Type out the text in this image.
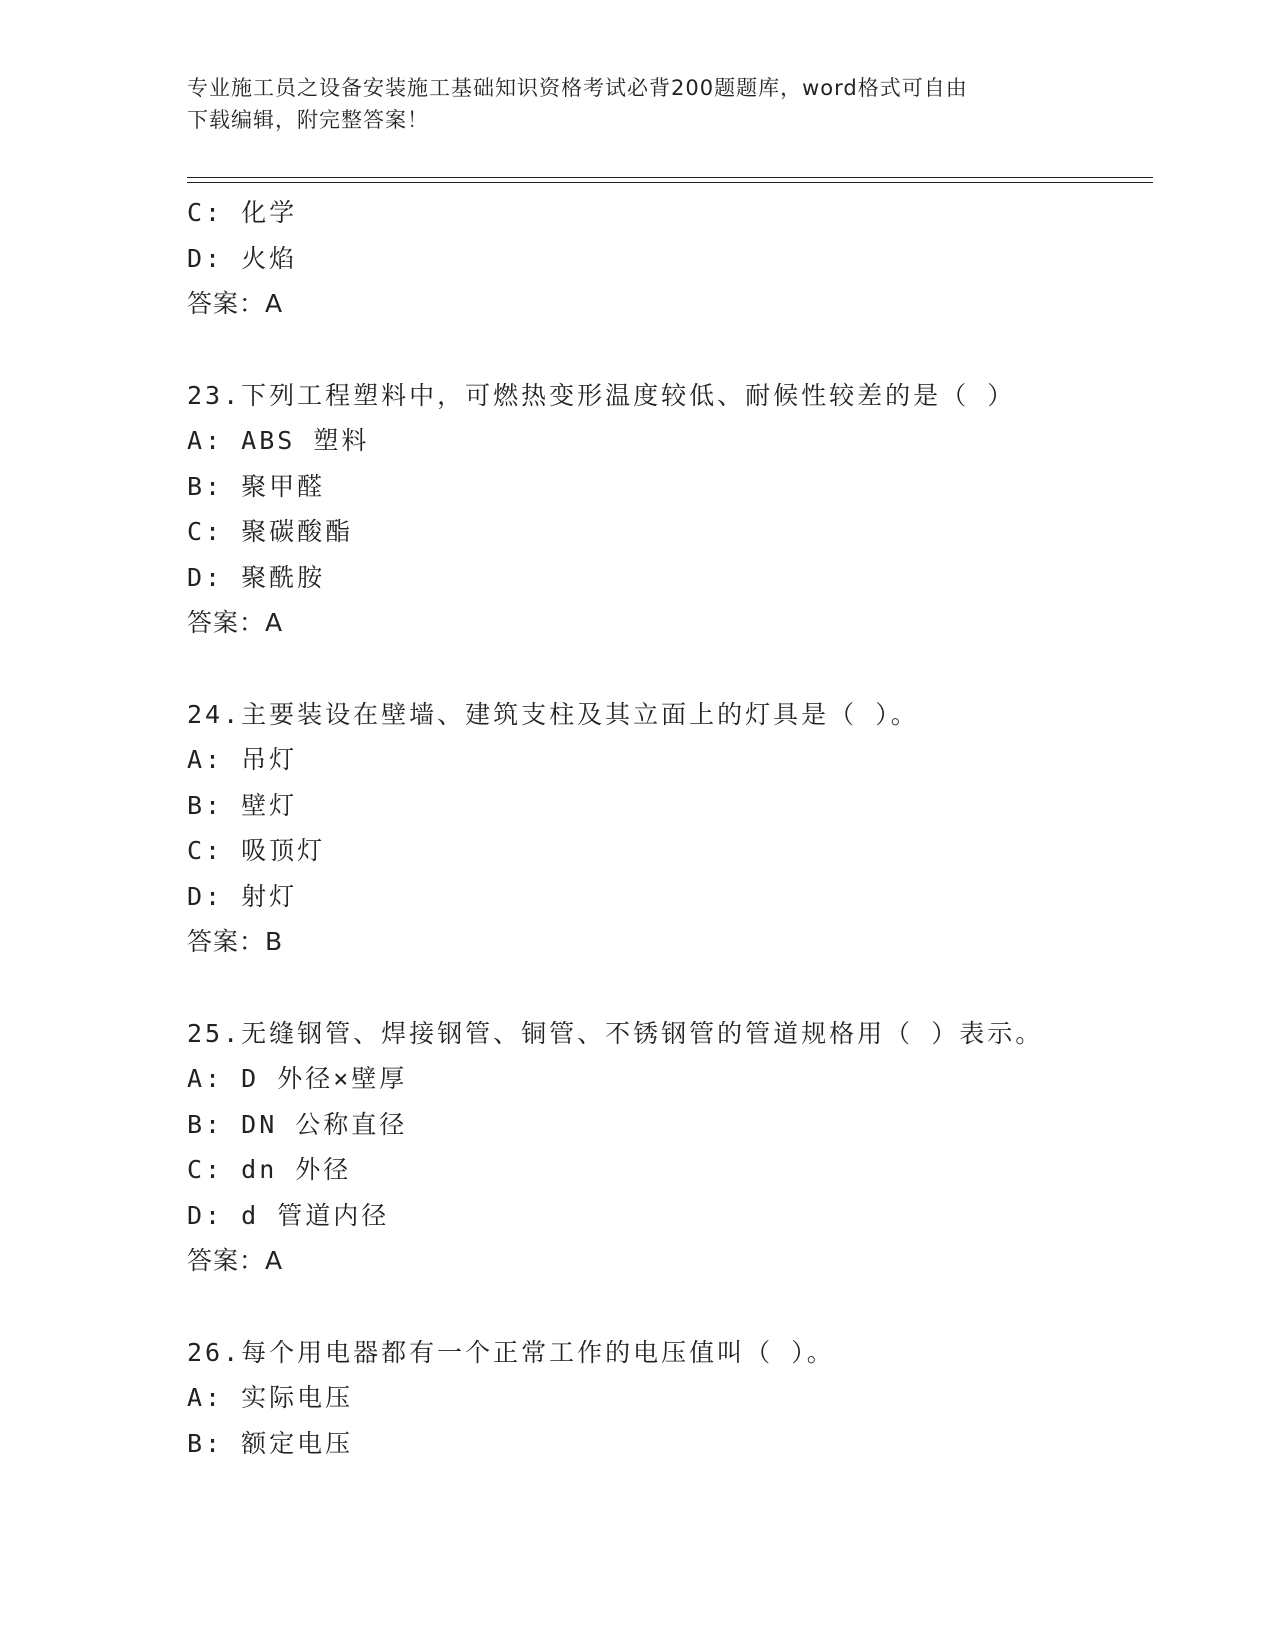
专业施工员之设备安装施工基础知识资格考试必背200题题库，word格式可自由
下载编辑，附完整答案！
C: 化学
D: 火焰
答案：A
23.下列工程塑料中，可燃热变形温度较低、耐候性较差的是（ ）
A: ABS 塑料
B: 聚甲醛
C: 聚碳酸酯
D: 聚酰胺
答案：A
24.主要装设在壁墙、建筑支柱及其立面上的灯具是（ ）。
A: 吊灯
B: 壁灯
C: 吸顶灯
D: 射灯
答案：B
25.无缝钢管、焊接钢管、铜管、不锈钢管的管道规格用（ ）表示。
A: D 外径×壁厚
B: DN 公称直径
C: dn 外径
D: d 管道内径
答案：A
26.每个用电器都有一个正常工作的电压值叫（ ）。
A: 实际电压
B: 额定电压
